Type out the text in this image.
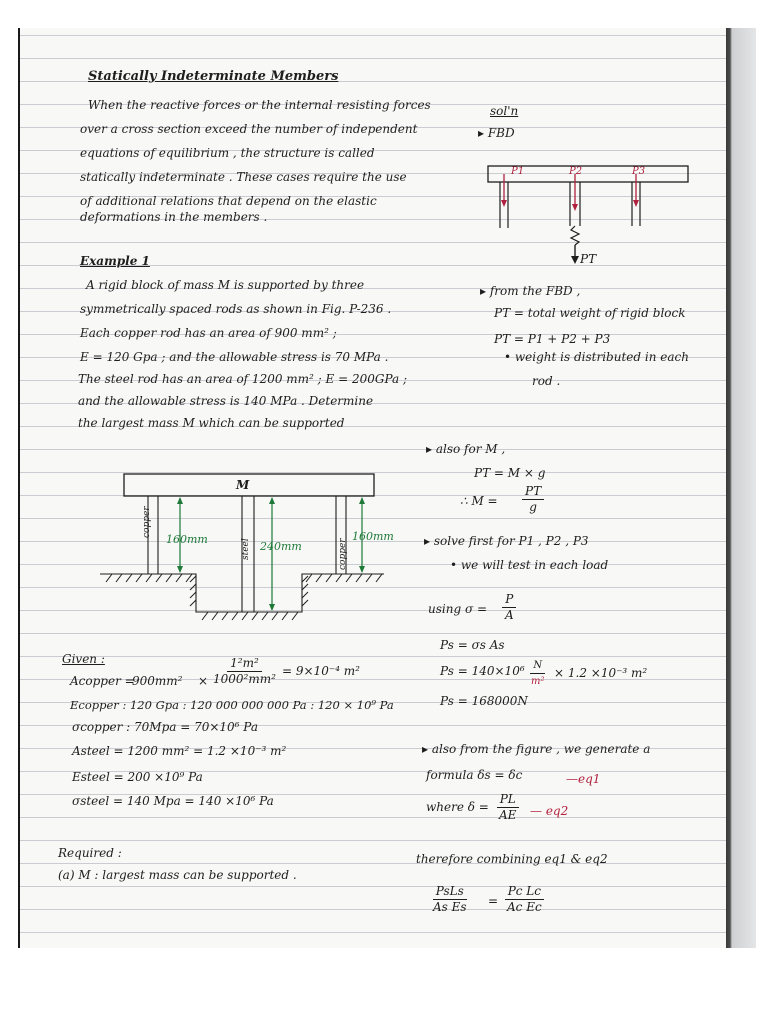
Statically Indeterminate Members
When the reactive forces or the internal resisting forces
over a cross section exceed the number of independent
equations of equilibrium , the structure is called
statically indeterminate . These cases require the use
of additional relations that depend on the elastic
deformations in the members .
sol'n
▸ FBD
P1	P2	P3
PT
Example 1
A rigid block of mass M is supported by three
symmetrically spaced rods as shown in Fig. P-236 .
Each copper rod has an area of 900 mm² ;
E = 120 Gpa ; and the allowable stress is 70 MPa .
The steel rod has an area of 1200 mm² ; E = 200GPa ;
and the allowable stress is 140 MPa . Determine
the largest mass M which can be supported
M
copper
steel	copper
160mm
240mm
160mm
Given :
Acopper =
$900mm^2 \times \frac{\text{1²m²}}{\text{1000²mm²}} = 9\times 10^{-4}$ m²
Ecopper : 120 Gpa : 120 000 000 000 Pa : 120 × 10⁹ Pa
σcopper : 70Mpa = 70×10⁶ Pa
Asteel = 1200 mm² = 1.2 ×10⁻³ m²
Esteel = 200 ×10⁹ Pa
σsteel = 140 Mpa = 140 ×10⁶ Pa
Required :
(a) M : largest mass can be supported .
▸ from the FBD ,
PT = total weight of rigid block
PT = P1 + P2 + P3
• weight is distributed in each
rod .
▸ also for M ,
PT = M × g
∴ $M = \frac{PT}{g}$
▸ solve first for P1 , P2 , P3
• we will test in each load
using $\sigma = \frac{P}{A}$
Ps = σs As
$Ps = 140\times 10^6 \frac{N}{\text{m²}} \times 1.2 \times 10^{-3}$ m²
Ps = 168000N
▸ also from the figure , we generate a
formula δs = δc	—eq1
where $\delta = \frac{PL}{AE}$ — eq2
therefore combining eq1 & eq2
PsLs
As $Es = \frac{\text{Pc Lc}}{\text{Ac Ec}}$
